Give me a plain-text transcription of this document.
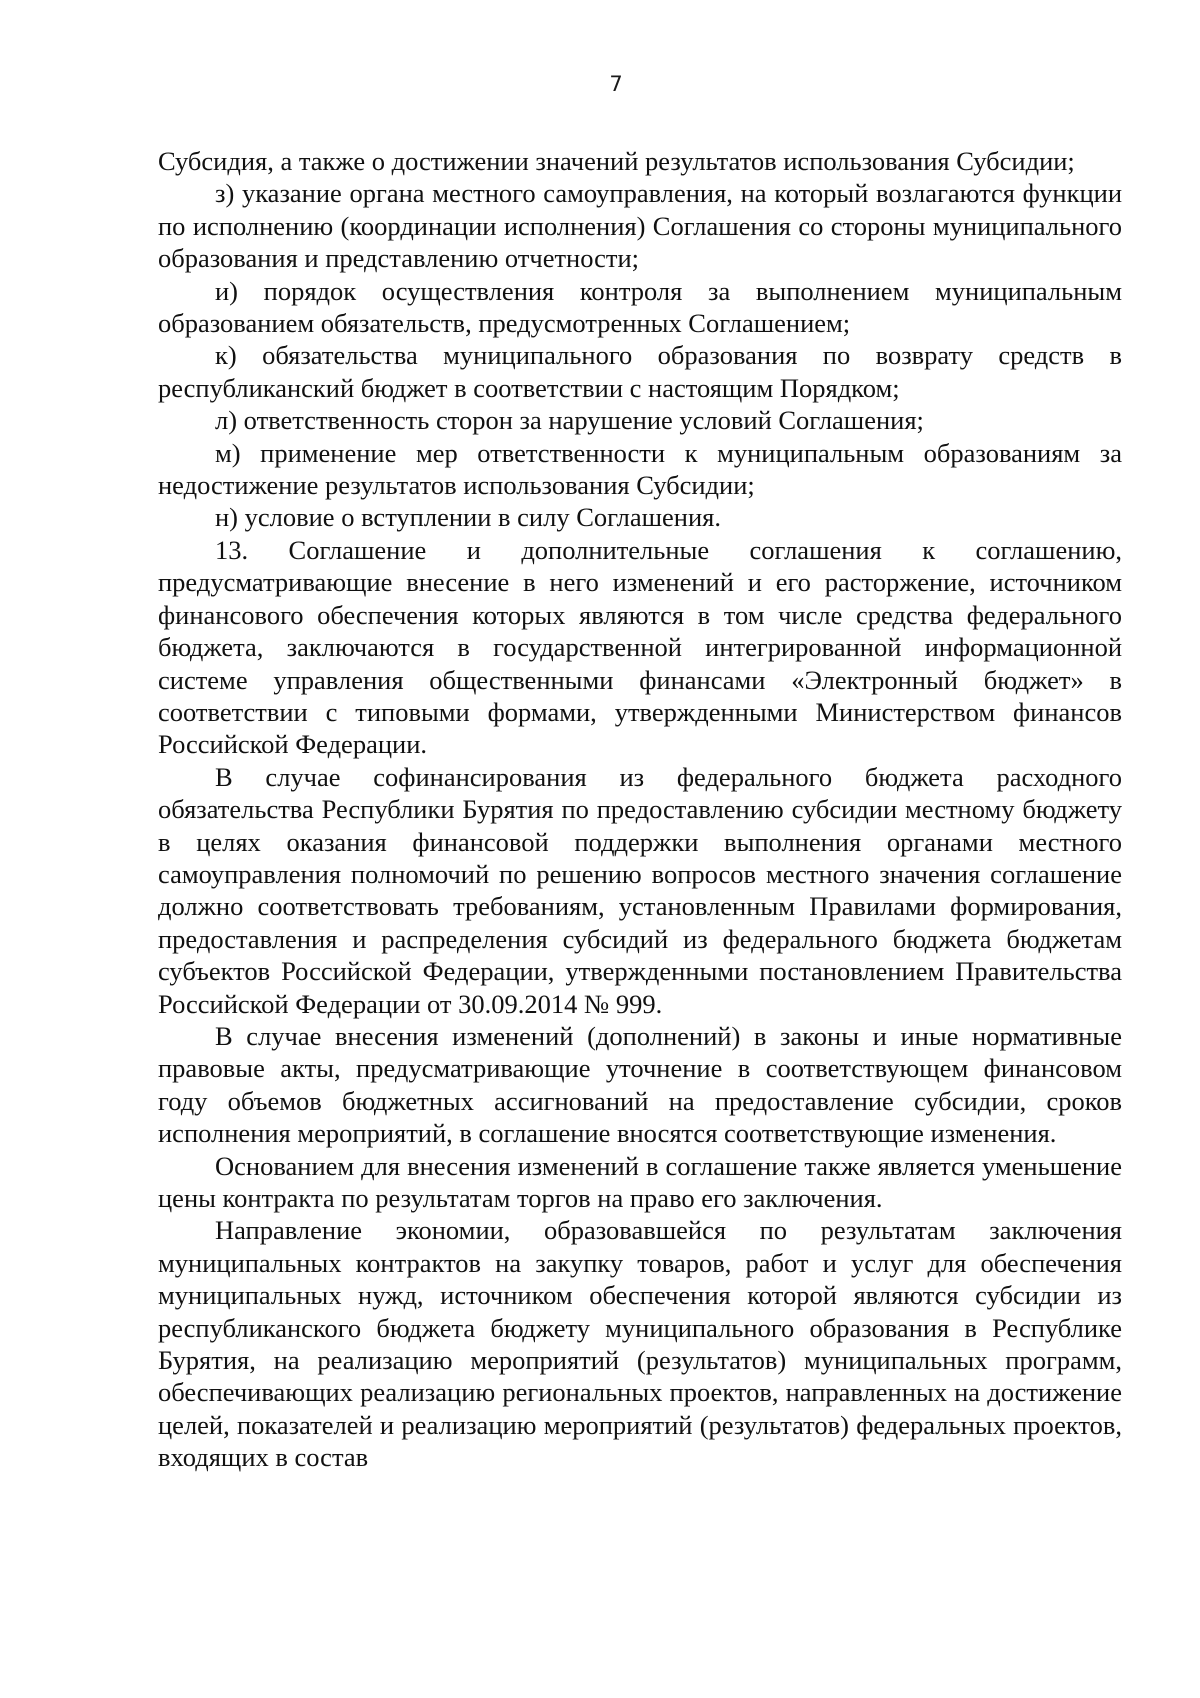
7

Субсидия, а также о достижении значений результатов использования Субсидии;

з) указание органа местного самоуправления, на который возлагаются функции по исполнению (координации исполнения) Соглашения со стороны муниципального образования и представлению отчетности;

и) порядок осуществления контроля за выполнением муниципальным образованием обязательств, предусмотренных Соглашением;

к) обязательства муниципального образования по возврату средств в республиканский бюджет в соответствии с настоящим Порядком;

л) ответственность сторон за нарушение условий Соглашения;

м) применение мер ответственности к муниципальным образованиям за недостижение результатов использования Субсидии;

н) условие о вступлении в силу Соглашения.

13. Соглашение и дополнительные соглашения к соглашению, предусматривающие внесение в него изменений и его расторжение, источником финансового обеспечения которых являются в том числе средства федерального бюджета, заключаются в государственной интегрированной информационной системе управления общественными финансами «Электронный бюджет» в соответствии с типовыми формами, утвержденными Министерством финансов Российской Федерации.

В случае софинансирования из федерального бюджета расходного обязательства Республики Бурятия по предоставлению субсидии местному бюджету в целях оказания финансовой поддержки выполнения органами местного самоуправления полномочий по решению вопросов местного значения соглашение должно соответствовать требованиям, установленным Правилами формирования, предоставления и распределения субсидий из федерального бюджета бюджетам субъектов Российской Федерации, утвержденными постановлением Правительства Российской Федерации от 30.09.2014 № 999.

В случае внесения изменений (дополнений) в законы и иные нормативные правовые акты, предусматривающие уточнение в соответствующем финансовом году объемов бюджетных ассигнований на предоставление субсидии, сроков исполнения мероприятий, в соглашение вносятся соответствующие изменения.

Основанием для внесения изменений в соглашение также является уменьшение цены контракта по результатам торгов на право его заключения.

Направление экономии, образовавшейся по результатам заключения муниципальных контрактов на закупку товаров, работ и услуг для обеспечения муниципальных нужд, источником обеспечения которой являются субсидии из республиканского бюджета бюджету муниципального образования в Республике Бурятия, на реализацию мероприятий (результатов) муниципальных программ, обеспечивающих реализацию региональных проектов, направленных на достижение целей, показателей и реализацию мероприятий (результатов) федеральных проектов, входящих в состав
